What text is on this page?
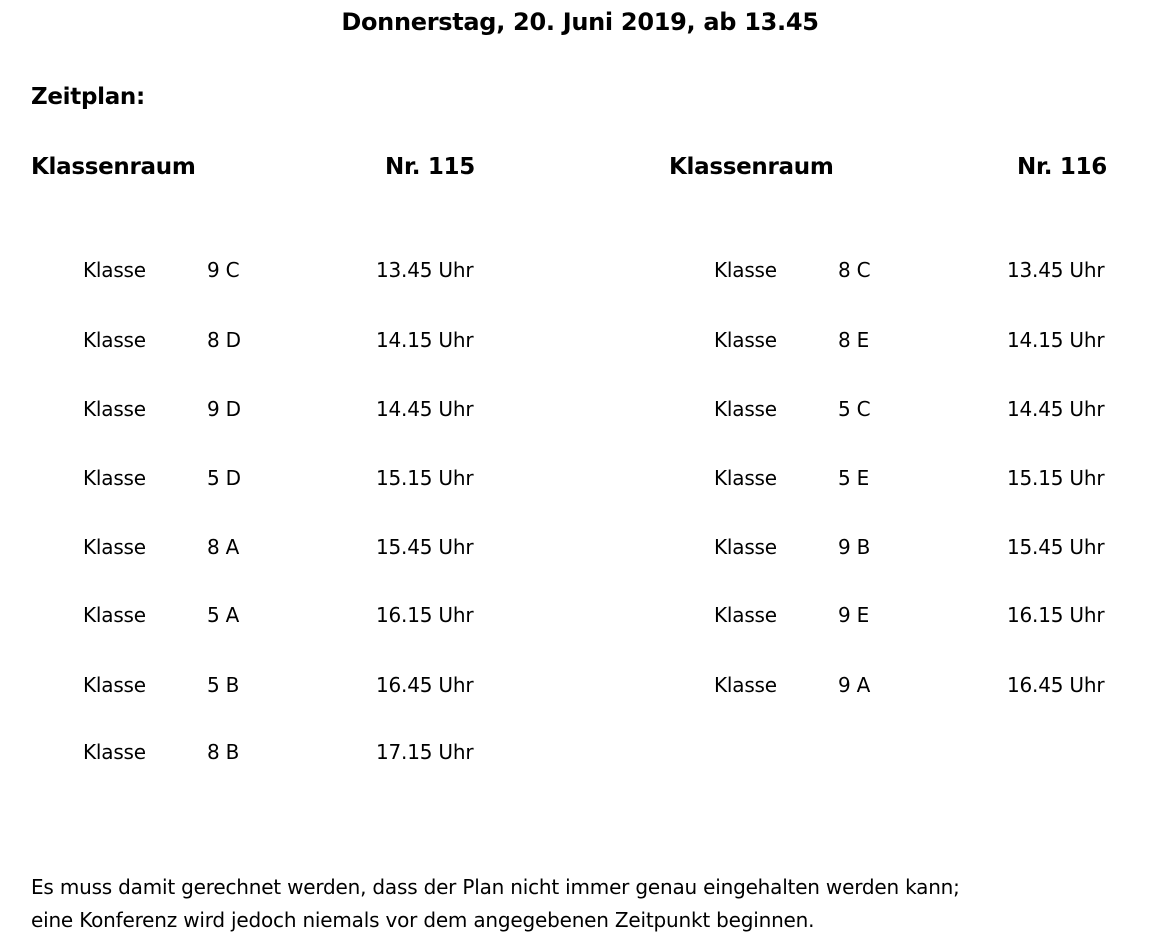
Donnerstag, 20. Juni 2019, ab 13.45
Zeitplan:
Klassenraum	Nr. 115	Klassenraum	Nr. 116
Klasse	9 C	13.45 Uhr
Klasse	8 D	14.15 Uhr
Klasse	9 D	14.45 Uhr
Klasse	5 D	15.15 Uhr
Klasse	8 A	15.45 Uhr
Klasse	5 A	16.15 Uhr
Klasse	5 B	16.45 Uhr
Klasse	8 B	17.15 Uhr
Klasse	8 C	13.45 Uhr
Klasse	8 E	14.15 Uhr
Klasse	5 C	14.45 Uhr
Klasse	5 E	15.15 Uhr
Klasse	9 B	15.45 Uhr
Klasse	9 E	16.15 Uhr
Klasse	9 A	16.45 Uhr
Es muss damit gerechnet werden, dass der Plan nicht immer genau eingehalten werden kann;
eine Konferenz wird jedoch niemals vor dem angegebenen Zeitpunkt beginnen.
